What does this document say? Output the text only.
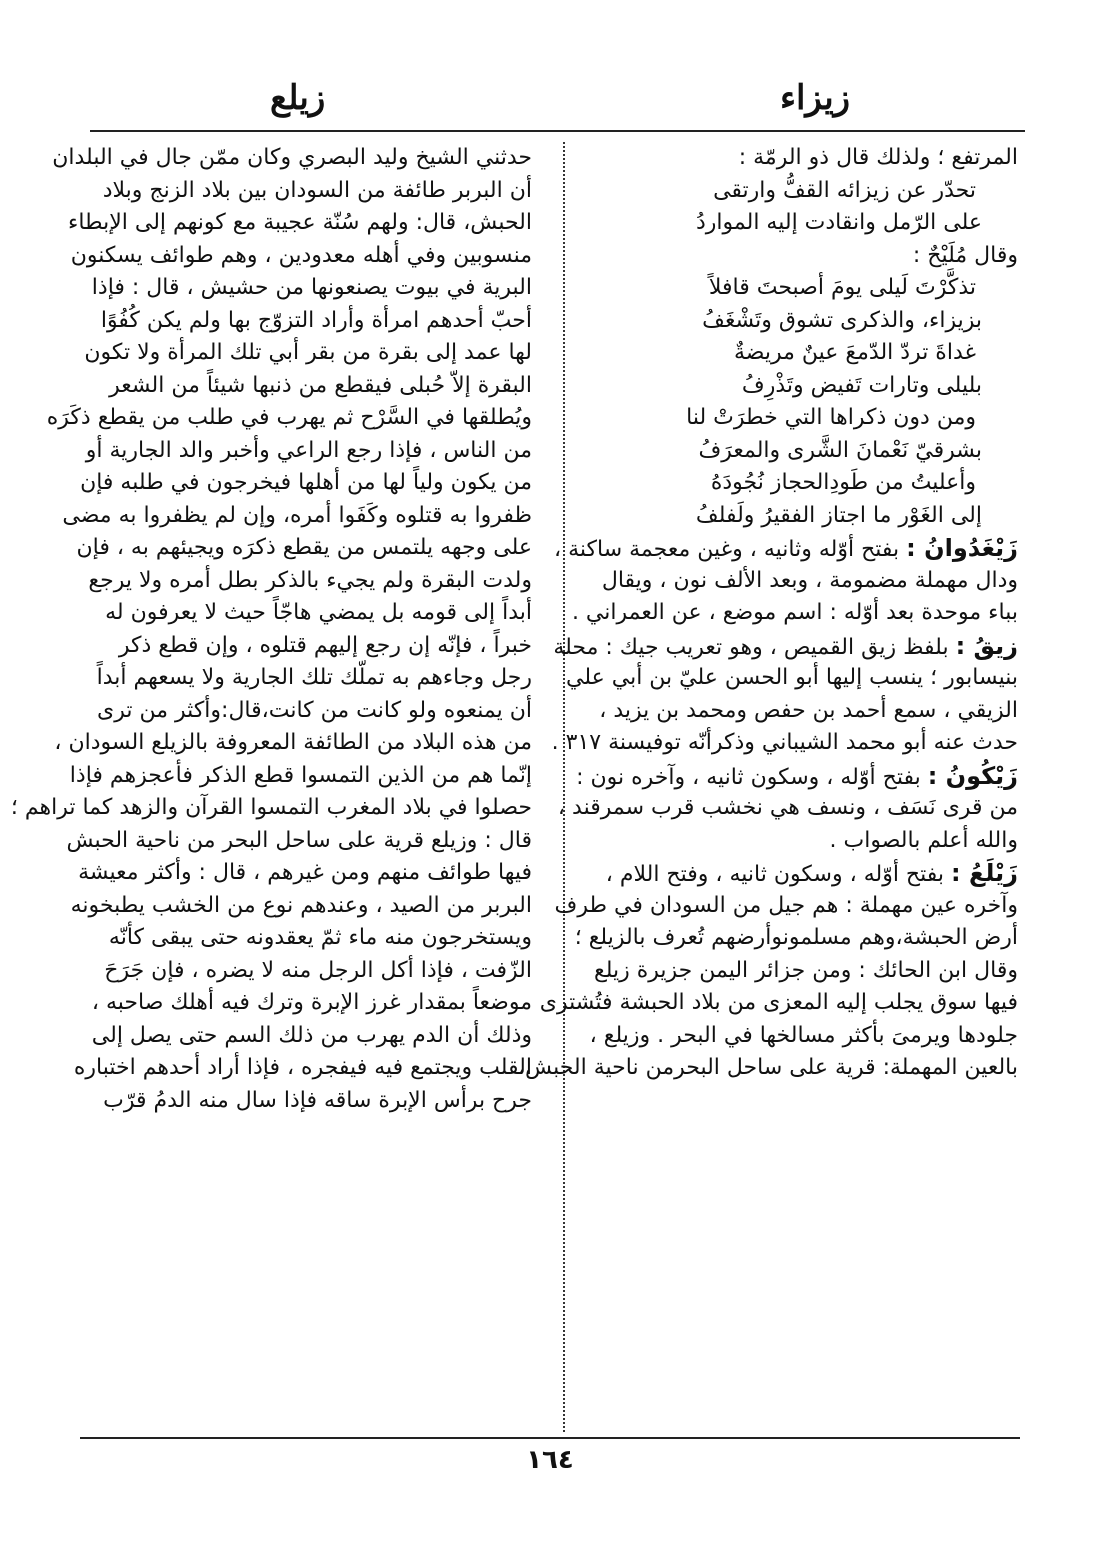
زيلع	زيزاء
المرتفع ؛ ولذلك قال ذو الرمّة :
تحدّر عن زيزائه القفُّ وارتقى
على الرّمل وانقادت إليه المواردُ
وقال مُلَيْحٌ :
تذكَّرْتَ لَيلى يومَ أصبحتَ قافلاً
بزيزاء، والذكرى تشوق وتَشْغَفُ
غداةَ تردّ الدّمعَ عينٌ مريضةٌ
بليلى وتارات تَفيض وتَذْرِفُ
ومن دون ذكراها التي خطرَتْ لنا
بشرقيّ نَعْمانَ الشَّرى والمعرَفُ
وأعليتُ من طَودِالحجاز نُجُودَهُ
إلى الغَوْر ما اجتاز الفقيرُ ولَفلفُ
زَيْغَدُوانُ : بفتح أوّله وثانيه ، وغين معجمة ساكنة ،
ودال مهملة مضمومة ، وبعد الألف نون ، ويقال
بباء موحدة بعد أوّله : اسم موضع ، عن العمراني .
زيقُ : بلفظ زيق القميص ، وهو تعريب جيك : محلة
بنيسابور ؛ ينسب إليها أبو الحسن عليّ بن أبي علي
الزيقي ، سمع أحمد بن حفص ومحمد بن يزيد ،
حدث عنه أبو محمد الشيباني وذكرأنّه توفيسنة ٣١٧ .
زَيْكُونُ : بفتح أوّله ، وسكون ثانيه ، وآخره نون :
من قرى نَسَف ، ونسف هي نخشب قرب سمرقند ،
والله أعلم بالصواب .
زَيْلَعُ : بفتح أوّله ، وسكون ثانيه ، وفتح اللام ،
وآخره عين مهملة : هم جيل من السودان في طرف
أرض الحبشة،وهم مسلمونوأرضهم تُعرف بالزيلع ؛
وقال ابن الحائك : ومن جزائر اليمن جزيرة زيلع
فيها سوق يجلب إليه المعزى من بلاد الحبشة فتُشترى
جلودها ويرمىَ بأكثر مسالخها في البحر . وزيلع ،
بالعين المهملة: قرية على ساحل البحرمن ناحية الحبش،
حدثني الشيخ وليد البصري وكان ممّن جال في البلدان
أن البربر طائفة من السودان بين بلاد الزنج وبلاد
الحبش، قال: ولهم سُنّة عجيبة مع كونهم إلى الإبطاء
منسوبين وفي أهله معدودين ، وهم طوائف يسكنون
البرية في بيوت يصنعونها من حشيش ، قال : فإذا
أحبّ أحدهم امرأة وأراد التزوّج بها ولم يكن كُفُوًا
لها عمد إلى بقرة من بقر أبي تلك المرأة ولا تكون
البقرة إلاّ حُبلى فيقطع من ذنبها شيئاً من الشعر
ويُطلقها في السَّرْح ثم يهرب في طلب من يقطع ذكَرَه
من الناس ، فإذا رجع الراعي وأخبر والد الجارية أو
من يكون ولياً لها من أهلها فيخرجون في طلبه فإن
ظفروا به قتلوه وكَفَوا أمره، وإن لم يظفروا به مضى
على وجهه يلتمس من يقطع ذكرَه ويجيئهم به ، فإن
ولدت البقرة ولم يجيء بالذكر بطل أمره ولا يرجع
أبداً إلى قومه بل يمضي هاجّاً حيث لا يعرفون له
خبراً ، فإنّه إن رجع إليهم قتلوه ، وإن قطع ذكر
رجل وجاءهم به تملّك تلك الجارية ولا يسعهم أبداً
أن يمنعوه ولو كانت من كانت،قال:وأكثر من ترى
من هذه البلاد من الطائفة المعروفة بالزيلع السودان ،
إنّما هم من الذين التمسوا قطع الذكر فأعجزهم فإذا
حصلوا في بلاد المغرب التمسوا القرآن والزهد كما تراهم ؛
قال : وزيلع قرية على ساحل البحر من ناحية الحبش
فيها طوائف منهم ومن غيرهم ، قال : وأكثر معيشة
البربر من الصيد ، وعندهم نوع من الخشب يطبخونه
ويستخرجون منه ماء ثمّ يعقدونه حتى يبقى كأنّه
الزّفت ، فإذا أكل الرجل منه لا يضره ، فإن جَرَحَ
موضعاً بمقدار غرز الإبرة وترك فيه أهلك صاحبه ،
وذلك أن الدم يهرب من ذلك السم حتى يصل إلى
القلب ويجتمع فيه فيفجره ، فإذا أراد أحدهم اختباره
جرح برأس الإبرة ساقه فإذا سال منه الدمُ قرّب
١٦٤
